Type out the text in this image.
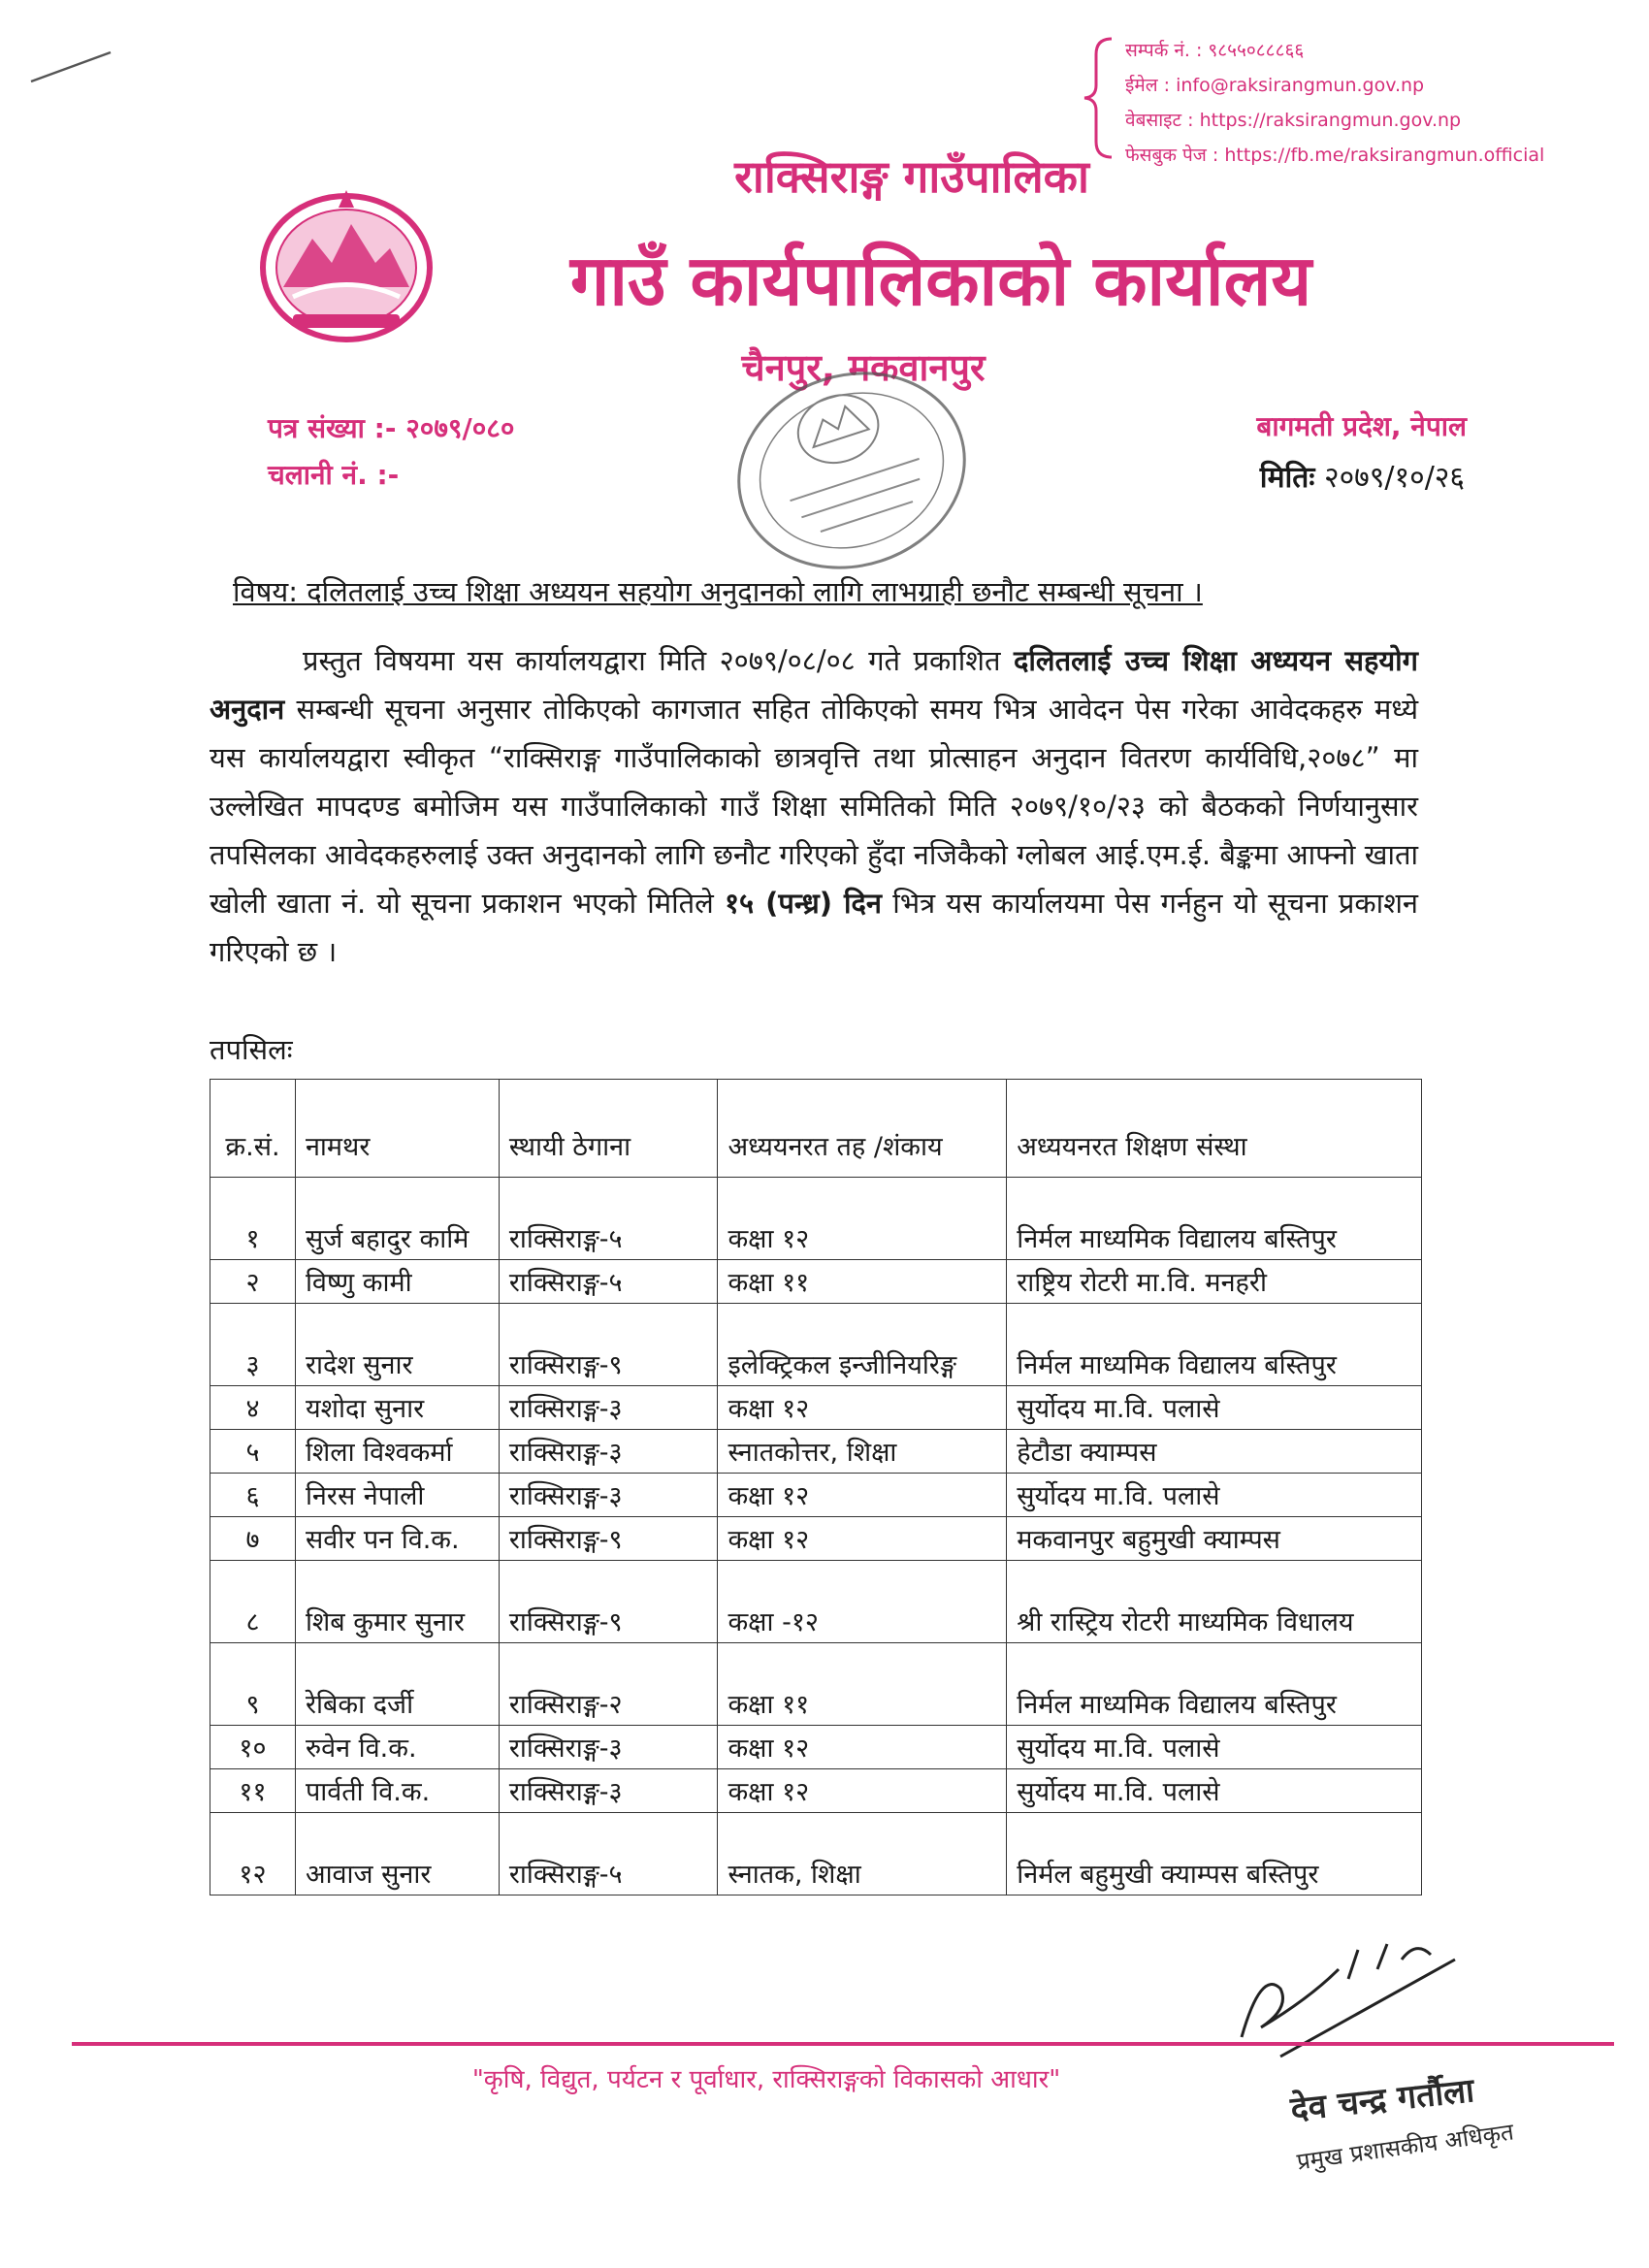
सम्पर्क नं. : ९८५५०८८८६६
ईमेल : info@raksirangmun.gov.np
वेबसाइट : https://raksirangmun.gov.np
फेसबुक पेज : https://fb.me/raksirangmun.official
राक्सिराङ्ग गाउँपालिका
गाउँ कार्यपालिकाको कार्यालय
चैनपुर, मकवानपुर
पत्र संख्या :- २०७९/०८०
चलानी नं. :-
बागमती प्रदेश, नेपाल
मितिः २०७९/१०/२६
विषय: दलितलाई उच्च शिक्षा अध्ययन सहयोग अनुदानको लागि लाभग्राही छनौट सम्बन्धी सूचना ।

प्रस्तुत विषयमा यस कार्यालयद्वारा मिति २०७९/०८/०८ गते प्रकाशित दलितलाई उच्च शिक्षा अध्ययन सहयोग अनुदान सम्बन्धी सूचना अनुसार तोकिएको कागजात सहित तोकिएको समय भित्र आवेदन पेस गरेका आवेदकहरु मध्ये यस कार्यालयद्वारा स्वीकृत “राक्सिराङ्ग गाउँपालिकाको छात्रवृत्ति तथा प्रोत्साहन अनुदान वितरण कार्यविधि,२०७८” मा उल्लेखित मापदण्ड बमोजिम यस गाउँपालिकाको गाउँ शिक्षा समितिको मिति २०७९/१०/२३ को बैठकको निर्णयानुसार तपसिलका आवेदकहरुलाई उक्त अनुदानको लागि छनौट गरिएको हुँदा नजिकैको ग्लोबल आई.एम.ई. बैङ्कमा आफ्नो खाता खोली खाता नं. यो सूचना प्रकाशन भएको मितिले १५ (पन्ध्र) दिन भित्र यस कार्यालयमा पेस गर्नहुन यो सूचना प्रकाशन गरिएको छ ।

तपसिलः
क्र.सं.	नामथर	स्थायी ठेगाना	अध्ययनरत तह /शंकाय	अध्ययनरत शिक्षण संस्था
१	सुर्ज बहादुर कामि	राक्सिराङ्ग-५	कक्षा १२	निर्मल माध्यमिक विद्यालय बस्तिपुर
२	विष्णु कामी	राक्सिराङ्ग-५	कक्षा ११	राष्ट्रिय रोटरी मा.वि. मनहरी
३	रादेश सुनार	राक्सिराङ्ग-९	इलेक्ट्रिकल इन्जीनियरिङ्ग	निर्मल माध्यमिक विद्यालय बस्तिपुर
४	यशोदा सुनार	राक्सिराङ्ग-३	कक्षा १२	सुर्योदय मा.वि. पलासे
५	शिला विश्वकर्मा	राक्सिराङ्ग-३	स्नातकोत्तर, शिक्षा	हेटौडा क्याम्पस
६	निरस नेपाली	राक्सिराङ्ग-३	कक्षा १२	सुर्योदय मा.वि. पलासे
७	सवीर पन वि.क.	राक्सिराङ्ग-९	कक्षा १२	मकवानपुर बहुमुखी क्याम्पस
८	शिब कुमार सुनार	राक्सिराङ्ग-९	कक्षा -१२	श्री रास्ट्रिय रोटरी माध्यमिक विधालय
९	रेबिका दर्जी	राक्सिराङ्ग-२	कक्षा ११	निर्मल माध्यमिक विद्यालय बस्तिपुर
१०	रुवेन वि.क.	राक्सिराङ्ग-३	कक्षा १२	सुर्योदय मा.वि. पलासे
११	पार्वती वि.क.	राक्सिराङ्ग-३	कक्षा १२	सुर्योदय मा.वि. पलासे
१२	आवाज सुनार	राक्सिराङ्ग-५	स्नातक, शिक्षा	निर्मल बहुमुखी क्याम्पस बस्तिपुर
देव चन्द्र गर्तौला
प्रमुख प्रशासकीय अधिकृत
"कृषि, विद्युत, पर्यटन र पूर्वाधार, राक्सिराङ्गको विकासको आधार"
